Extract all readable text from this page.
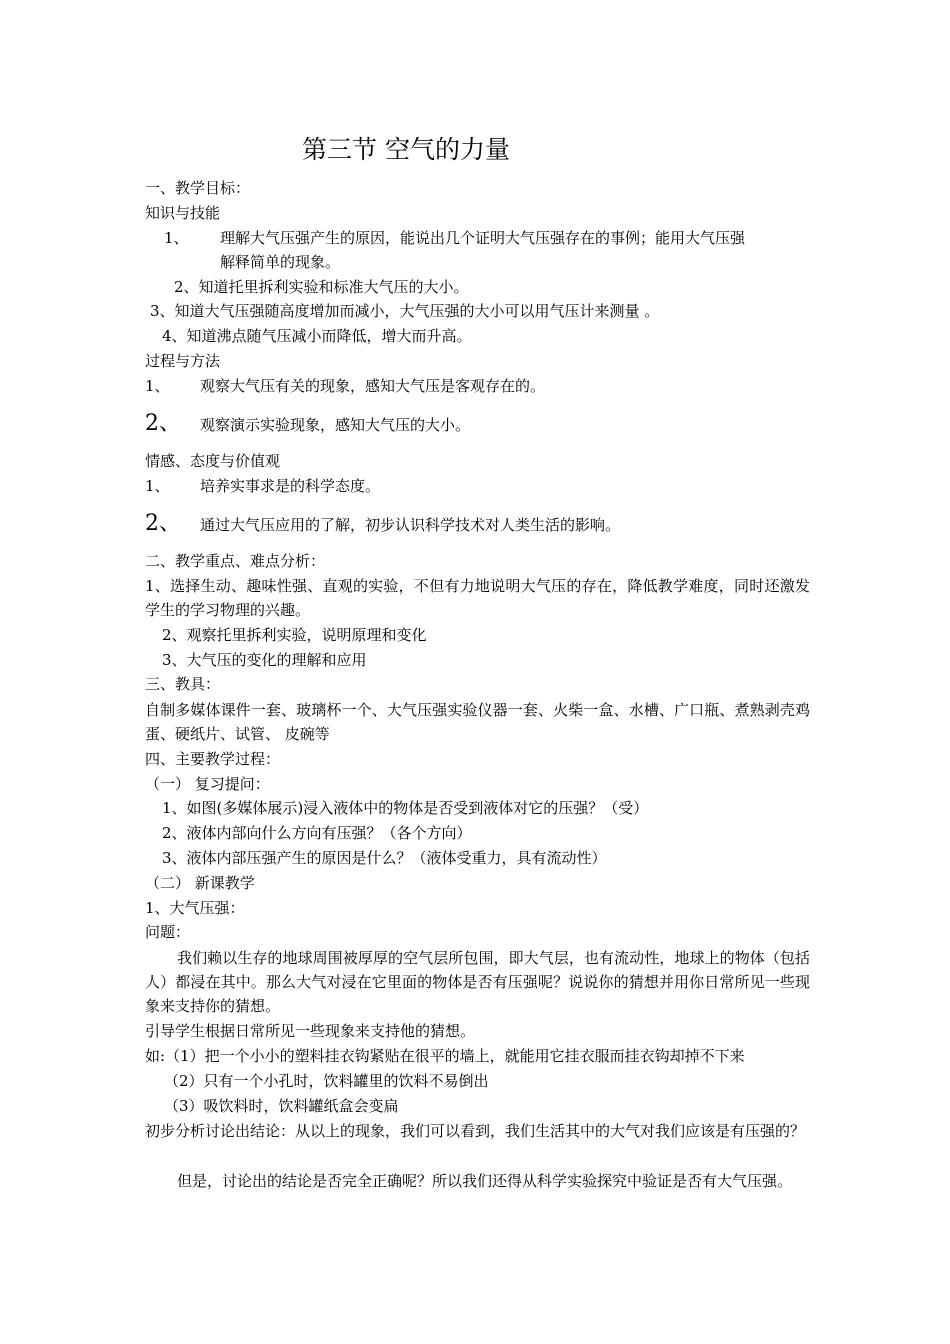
第三节 空气的力量
一、教学目标：
知识与技能
1、 理解大气压强产生的原因，能说出几个证明大气压强存在的事例；能用大气压强
解释简单的现象。
2、知道托里拆利实验和标准大气压的大小。
3、知道大气压强随高度增加而减小，大气压强的大小可以用气压计来测量 。
4、知道沸点随气压减小而降低，增大而升高。
过程与方法
1、 观察大气压有关的现象，感知大气压是客观存在的。
2、 观察演示实验现象，感知大气压的大小。
情感、态度与价值观
1、 培养实事求是的科学态度。
2、 通过大气压应用的了解，初步认识科学技术对人类生活的影响。
二、教学重点、难点分析：
1、选择生动、趣味性强、直观的实验，不但有力地说明大气压的存在，降低教学难度，同时还激发学生的学习物理的兴趣。
2、观察托里拆利实验，说明原理和变化
3、大气压的变化的理解和应用
三、教具：
自制多媒体课件一套、玻璃杯一个、大气压强实验仪器一套、火柴一盒、水槽、广口瓶、煮熟剥壳鸡蛋、硬纸片、试管、 皮碗等
四、主要教学过程：
（一） 复习提问：
1、如图(多媒体展示)浸入液体中的物体是否受到液体对它的压强？（受）
2、液体内部向什么方向有压强？（各个方向）
3、液体内部压强产生的原因是什么？（液体受重力，具有流动性）
（二） 新课教学
1、大气压强：
问题：
我们赖以生存的地球周围被厚厚的空气层所包围，即大气层，也有流动性，地球上的物体（包括人）都浸在其中。那么大气对浸在它里面的物体是否有压强呢？说说你的猜想并用你日常所见一些现象来支持你的猜想。
引导学生根据日常所见一些现象来支持他的猜想。
如:（1）把一个小小的塑料挂衣钩紧贴在很平的墙上，就能用它挂衣服而挂衣钩却掉不下来
（2）只有一个小孔时，饮料罐里的饮料不易倒出
（3）吸饮料时，饮料罐纸盒会变扁
初步分析讨论出结论：从以上的现象，我们可以看到，我们生活其中的大气对我们应该是有压强的？
但是，讨论出的结论是否完全正确呢？所以我们还得从科学实验探究中验证是否有大气压强。
